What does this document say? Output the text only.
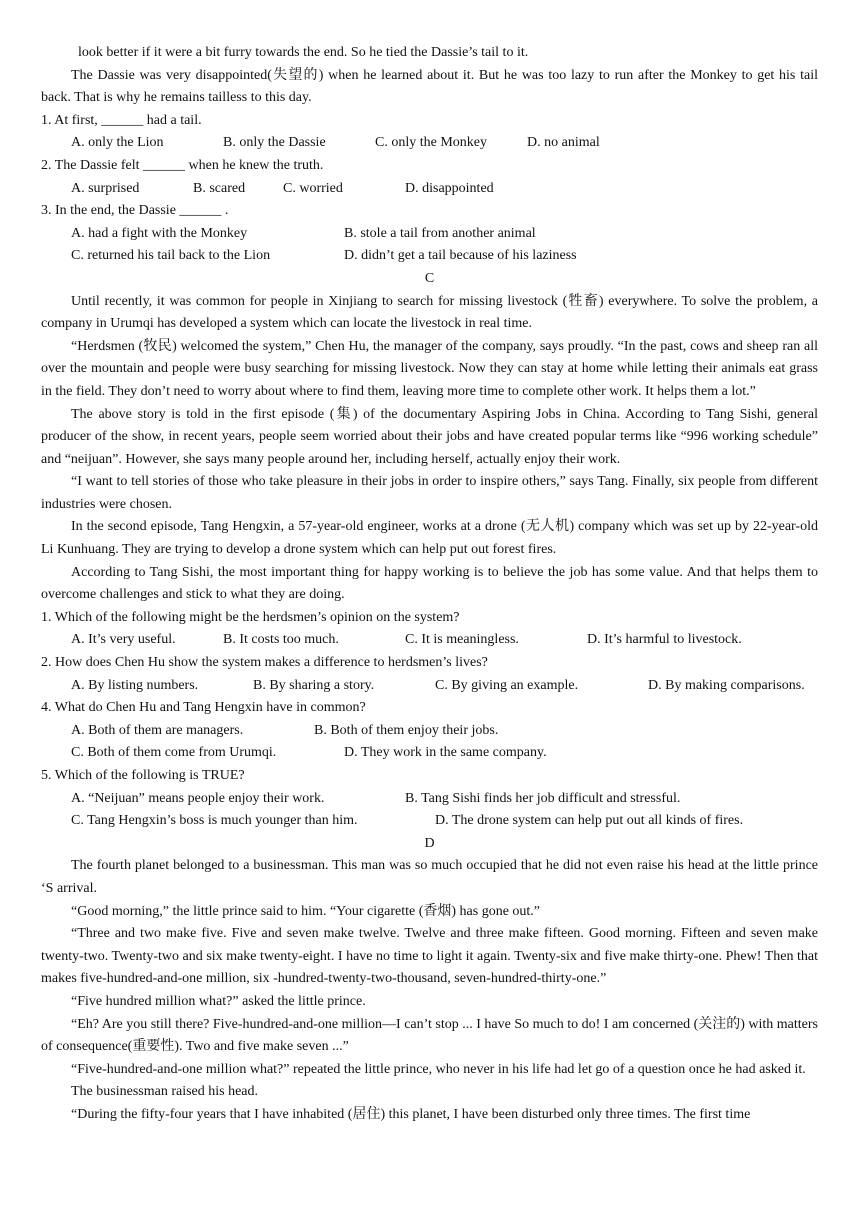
look better if it were a bit furry towards the end. So he tied the Dassie’s tail to it.

The Dassie was very disappointed(失望的) when he learned about it. But he was too lazy to run after the Monkey to get his tail back. That is why he remains tailless to this day.

1. At first, ______ had a tail.

A. only the Lion	B. only the Dassie	C. only the Monkey	D. no animal

2. The Dassie felt ______ when he knew the truth.

A. surprised	B. scared	C. worried	D. disappointed

3. In the end, the Dassie ______ .

A. had a fight with the Monkey	B. stole a tail from another animal

C. returned his tail back to the Lion	D. didn’t get a tail because of his laziness

C

Until recently, it was common for people in Xinjiang to search for missing livestock (牲畜) everywhere. To solve the problem, a company in Urumqi has developed a system which can locate the livestock in real time.

“Herdsmen (牧民) welcomed the system,” Chen Hu, the manager of the company, says proudly. “In the past, cows and sheep ran all over the mountain and people were busy searching for missing livestock. Now they can stay at home while letting their animals eat grass in the field. They don’t need to worry about where to find them, leaving more time to complete other work. It helps them a lot.”

The above story is told in the first episode (集) of the documentary Aspiring Jobs in China. According to Tang Sishi, general producer of the show, in recent years, people seem worried about their jobs and have created popular terms like “996 working schedule” and “neijuan”. However, she says many people around her, including herself, actually enjoy their work.

“I want to tell stories of those who take pleasure in their jobs in order to inspire others,” says Tang. Finally, six people from different industries were chosen.

In the second episode, Tang Hengxin, a 57-year-old engineer, works at a drone (无人机) company which was set up by 22-year-old Li Kunhuang. They are trying to develop a drone system which can help put out forest fires.

According to Tang Sishi, the most important thing for happy working is to believe the job has some value. And that helps them to overcome challenges and stick to what they are doing.

1. Which of the following might be the herdsmen’s opinion on the system?

A. It’s very useful.	B. It costs too much.	C. It is meaningless.	D. It’s harmful to livestock.

2. How does Chen Hu show the system makes a difference to herdsmen’s lives?

A. By listing numbers.	B. By sharing a story.	C. By giving an example.	D. By making comparisons.

4. What do Chen Hu and Tang Hengxin have in common?

A. Both of them are managers.	B. Both of them enjoy their jobs.

C. Both of them come from Urumqi.	D. They work in the same company.

5. Which of the following is TRUE?

A. “Neijuan” means people enjoy their work.	B. Tang Sishi finds her job difficult and stressful.

C. Tang Hengxin’s boss is much younger than him.	D. The drone system can help put out all kinds of fires.

D

The fourth planet belonged to a businessman. This man was so much occupied that he did not even raise his head at the little prince ‘S arrival.

“Good morning,” the little prince said to him. “Your cigarette (香烟) has gone out.”

“Three and two make five. Five and seven make twelve. Twelve and three make fifteen. Good morning. Fifteen and seven make twenty-two. Twenty-two and six make twenty-eight. I have no time to light it again. Twenty-six and five make thirty-one. Phew! Then that makes five-hundred-and-one million, six -hundred-twenty-two-thousand, seven-hundred-thirty-one.”

“Five hundred million what?” asked the little prince.

“Eh? Are you still there? Five-hundred-and-one million—I can’t stop ... I have So much to do! I am concerned (关注的) with matters of consequence(重要性). Two and five make seven ...”

“Five-hundred-and-one million what?” repeated the little prince, who never in his life had let go of a question once he had asked it.

The businessman raised his head.

“During the fifty-four years that I have inhabited (居住) this planet, I have been disturbed only three times. The first time
